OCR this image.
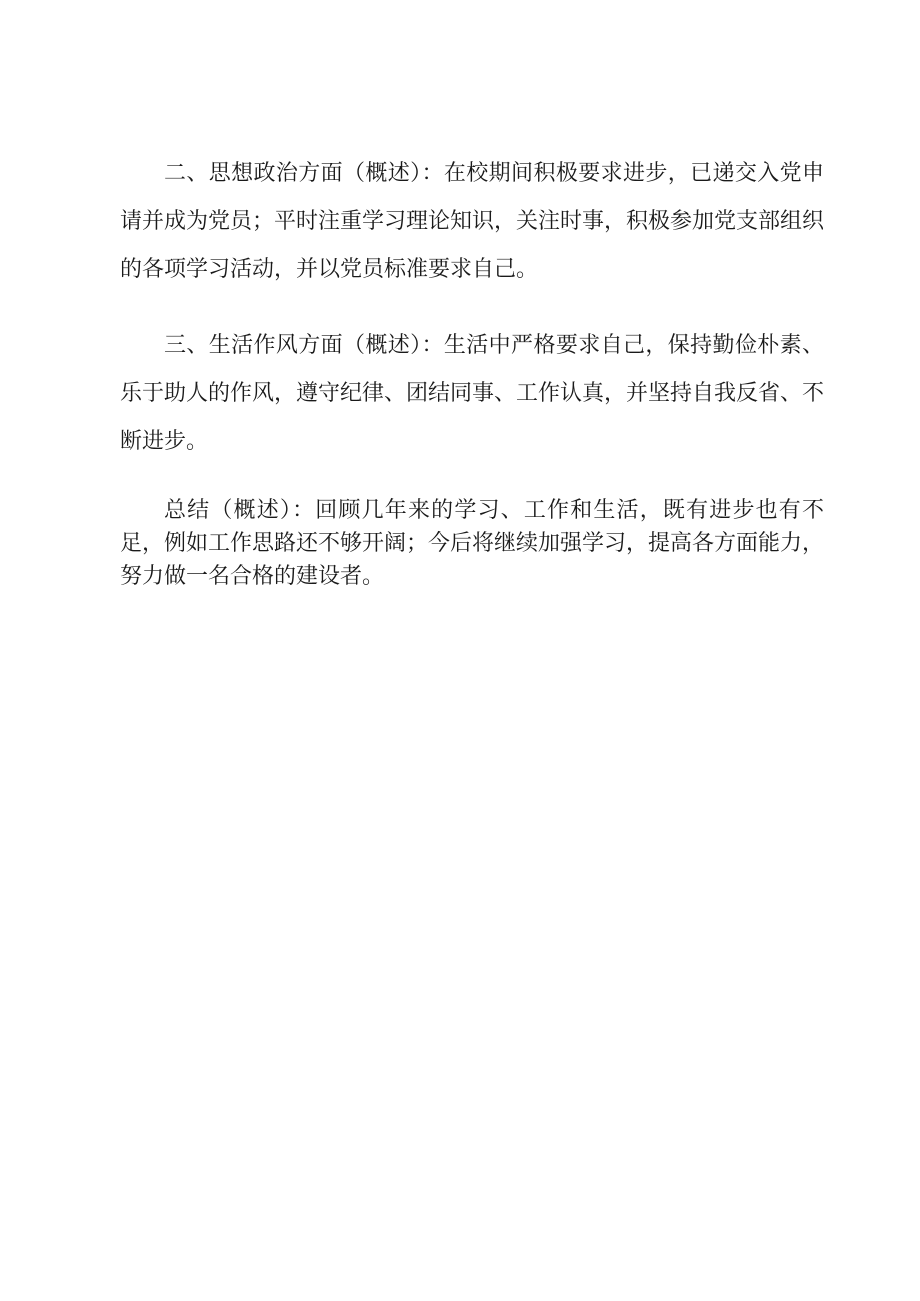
二、思想政治方面（概述）：在校期间积极要求进步，已递交入党申请并成为党员；平时注重学习理论知识，关注时事，积极参加党支部组织的各项学习活动，并以党员标准要求自己。

三、生活作风方面（概述）：生活中严格要求自己，保持勤俭朴素、乐于助人的作风，遵守纪律、团结同事、工作认真，并坚持自我反省、不断进步。

总结（概述）：回顾几年来的学习、工作和生活，既有进步也有不足，例如工作思路还不够开阔；今后将继续加强学习，提高各方面能力，努力做一名合格的建设者。
